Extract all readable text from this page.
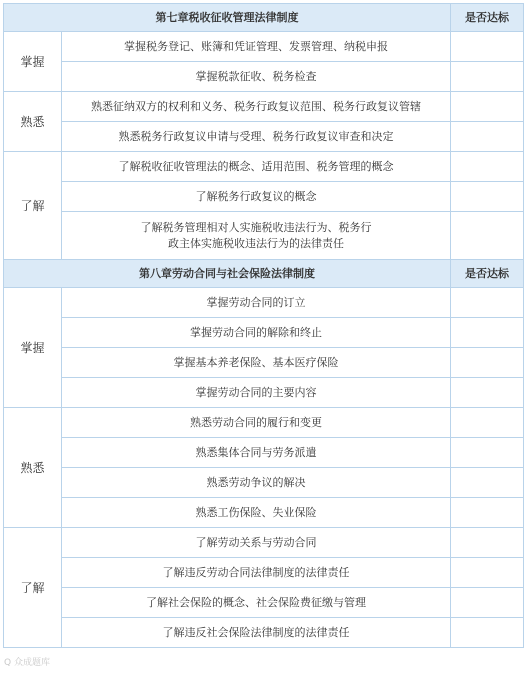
第七章税收征收管理法律制度		是否达标
掌握	掌握税务登记、账簿和凭证管理、发票管理、纳税申报	
	掌握税款征收、税务检查	
熟悉	熟悉征纳双方的权利和义务、税务行政复议范围、税务行政复议管辖	
	熟悉税务行政复议申请与受理、税务行政复议审查和决定	
了解	了解税收征收管理法的概念、适用范围、税务管理的概念	
	了解税务行政复议的概念	
	了解税务管理相对人实施税收违法行为、税务行政主体实施税收违法行为的法律责任	
第八章劳动合同与社会保险法律制度		是否达标
掌握	掌握劳动合同的订立	
	掌握劳动合同的解除和终止	
	掌握基本养老保险、基本医疗保险	
	掌握劳动合同的主要内容	
熟悉	熟悉劳动合同的履行和变更	
	熟悉集体合同与劳务派遣	
	熟悉劳动争议的解决	
	熟悉工伤保险、失业保险	
了解	了解劳动关系与劳动合同	
	了解违反劳动合同法律制度的法律责任	
	了解社会保险的概念、社会保险费征缴与管理	
	了解违反社会保险法律制度的法律责任	
Q 众成题库
